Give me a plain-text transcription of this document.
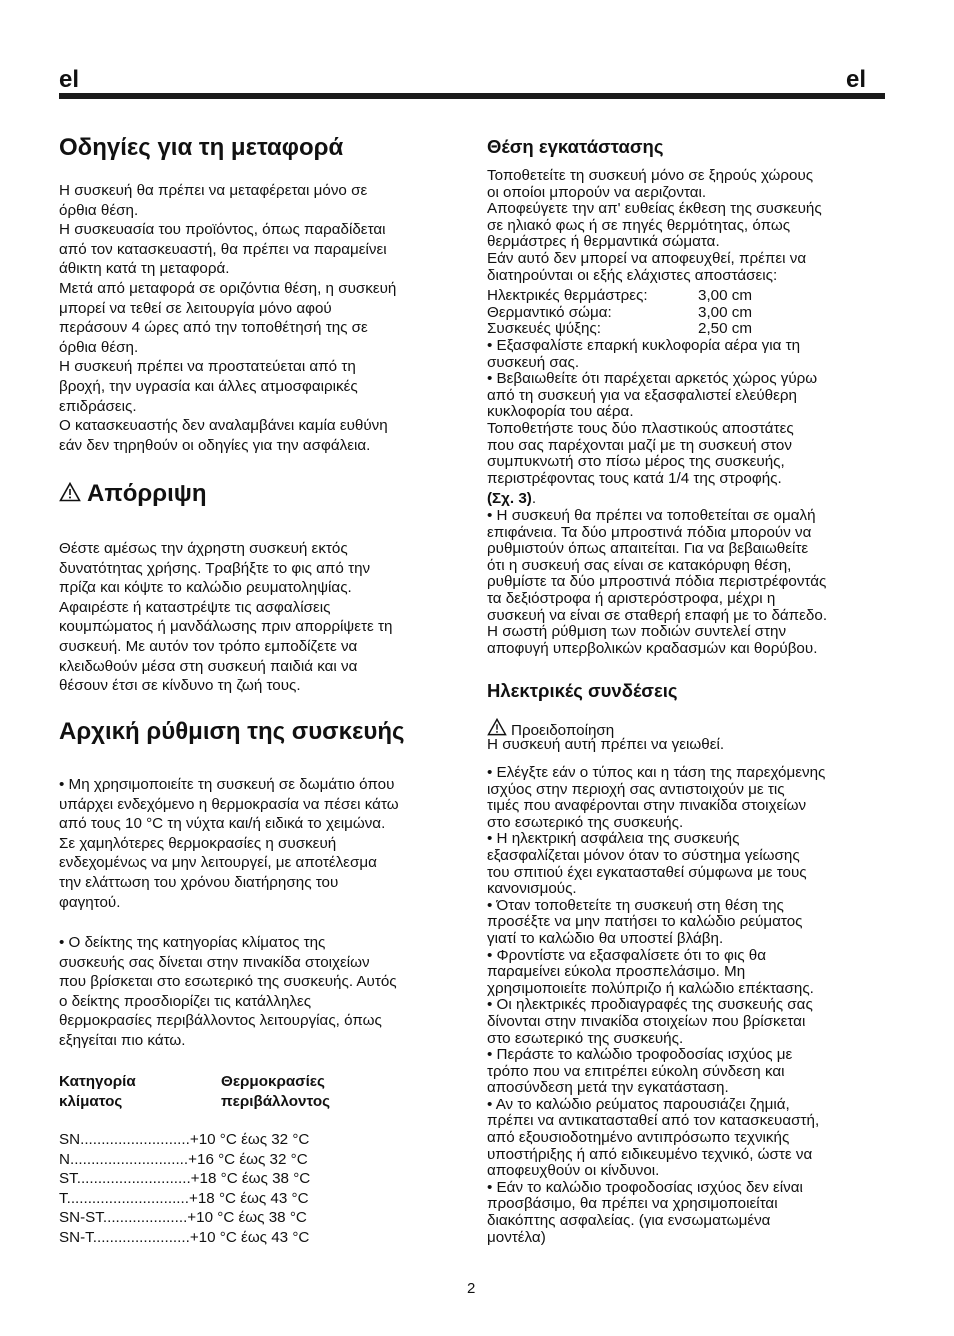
el	el
Οδηγίες για τη μεταφορά
Η συσκευή θα πρέπει να μεταφέρεται μόνο σε
όρθια θέση.
Η συσκευασία του προϊόντος, όπως παραδίδεται
από τον κατασκευαστή, θα πρέπει να παραμείνει
άθικτη κατά τη μεταφορά.
Μετά από μεταφορά σε οριζόντια θέση, η συσκευή
μπορεί να τεθεί σε λειτουργία μόνο αφού
περάσουν 4 ώρες από την τοποθέτησή της σε
όρθια θέση.
Η συσκευή πρέπει να προστατεύεται από τη
βροχή, την υγρασία και άλλες ατμοσφαιρικές
επιδράσεις.
Ο κατασκευαστής δεν αναλαμβάνει καμία ευθύνη
εάν δεν τηρηθούν οι οδηγίες για την ασφάλεια.
Απόρριψη
Θέστε αμέσως την άχρηστη συσκευή εκτός
δυνατότητας χρήσης. Τραβήξτε το φις από την
πρίζα και κόψτε το καλώδιο ρευματοληψίας.
Αφαιρέστε ή καταστρέψτε τις ασφαλίσεις
κουμπώματος ή μανδάλωσης πριν απορρίψετε τη
συσκευή. Με αυτόν τον τρόπο εμποδίζετε να
κλειδωθούν μέσα στη συσκευή παιδιά και να
θέσουν έτσι σε κίνδυνο τη ζωή τους.
Αρχική ρύθμιση της συσκευής
• Μη χρησιμοποιείτε τη συσκευή σε δωμάτιο όπου
υπάρχει ενδεχόμενο η θερμοκρασία να πέσει κάτω
από τους 10 °C τη νύχτα και/ή ειδικά το χειμώνα.
Σε χαμηλότερες θερμοκρασίες η συσκευή
ενδεχομένως να μην λειτουργεί, με αποτέλεσμα
την ελάττωση του χρόνου διατήρησης του
φαγητού.
• Ο δείκτης της κατηγορίας κλίματος της
συσκευής σας δίνεται στην πινακίδα στοιχείων
που βρίσκεται στο εσωτερικό της συσκευής. Αυτός
ο δείκτης προσδιορίζει τις κατάλληλες
θερμοκρασίες περιβάλλοντος λειτουργίας, όπως
εξηγείται πιο κάτω.
Κατηγορία
κλίματος
Θερμοκρασίες
περιβάλλοντος
SN..........................+10 °C έως 32 °C
N............................+16 °C έως 32 °C
ST...........................+18 °C έως 38 °C
T.............................+18 °C έως 43 °C
SN-ST....................+10 °C έως 38 °C
SN-T.......................+10 °C έως 43 °C
Θέση εγκατάστασης
Τοποθετείτε τη συσκευή μόνο σε ξηρούς χώρους
οι οποίοι μπορούν να αεριζονται.
Αποφεύγετε την απ' ευθείας έκθεση της συσκευής
σε ηλιακό φως ή σε πηγές θερμότητας, όπως
θερμάστρες ή θερμαντικά σώματα.
Εάν αυτό δεν μπορεί να αποφευχθεί, πρέπει να
διατηρούνται οι εξής ελάχιστες αποστάσεις:
Ηλεκτρικές θερμάστρες:	3,00 cm
Θερμαντικό σώμα:	3,00 cm
Συσκευές ψύξης:	2,50 cm
• Εξασφαλίστε επαρκή κυκλοφορία αέρα για τη
συσκευή σας.
• Βεβαιωθείτε ότι παρέχεται αρκετός χώρος γύρω
από τη συσκευή για να εξασφαλιστεί ελεύθερη
κυκλοφορία του αέρα.
Τοποθετήστε τους δύο πλαστικούς αποστάτες
που σας παρέχονται μαζί με τη συσκευή στον
συμπυκνωτή στο πίσω μέρος της συσκευής,
περιστρέφοντας τους κατά 1/4 της στροφής.
(Σχ. 3).
• Η συσκευή θα πρέπει να τοποθετείται σε ομαλή
επιφάνεια. Τα δύο μπροστινά πόδια μπορούν να
ρυθμιστούν όπως απαιτείται. Για να βεβαιωθείτε
ότι η συσκευή σας είναι σε κατακόρυφη θέση,
ρυθμίστε τα δύο μπροστινά πόδια περιστρέφοντάς
τα δεξιόστροφα ή αριστερόστροφα, μέχρι η
συσκευή να είναι σε σταθερή επαφή με το δάπεδο.
Η σωστή ρύθμιση των ποδιών συντελεί στην
αποφυγή υπερβολικών κραδασμών και θορύβου.
Ηλεκτρικές συνδέσεις
Προειδοποίηση
Η συσκευή αυτή πρέπει να γειωθεί.
• Ελέγξτε εάν ο τύπος και η τάση της παρεχόμενης
ισχύος στην περιοχή σας αντιστοιχούν με τις
τιμές που αναφέρονται στην πινακίδα στοιχείων
στο εσωτερικό της συσκευής.
• Η ηλεκτρική ασφάλεια της συσκευής
εξασφαλίζεται μόνον όταν το σύστημα γείωσης
του σπιτιού έχει εγκατασταθεί σύμφωνα με τους
κανονισμούς.
• Όταν τοποθετείτε τη συσκευή στη θέση της
προσέξτε να μην πατήσει το καλώδιο ρεύματος
γιατί το καλώδιο θα υποστεί βλάβη.
• Φροντίστε να εξασφαλίσετε ότι το φις θα
παραμείνει εύκολα προσπελάσιμο. Μη
χρησιμοποιείτε πολύπριζο ή καλώδιο επέκτασης.
• Οι ηλεκτρικές προδιαγραφές της συσκευής σας
δίνονται στην πινακίδα στοιχείων που βρίσκεται
στο εσωτερικό της συσκευής.
• Περάστε το καλώδιο τροφοδοσίας ισχύος με
τρόπο που να επιτρέπει εύκολη σύνδεση και
αποσύνδεση μετά την εγκατάσταση.
• Αν το καλώδιο ρεύματος παρουσιάζει ζημιά,
πρέπει να αντικατασταθεί από τον κατασκευαστή,
από εξουσιοδοτημένο αντιπρόσωπο τεχνικής
υποστήριξης ή από ειδικευμένο τεχνικό, ώστε να
αποφευχθούν οι κίνδυνοι.
• Εάν το καλώδιο τροφοδοσίας ισχύος δεν είναι
προσβάσιμο, θα πρέπει να χρησιμοποιείται
διακόπτης ασφαλείας. (για ενσωματωμένα
μοντέλα)
2
